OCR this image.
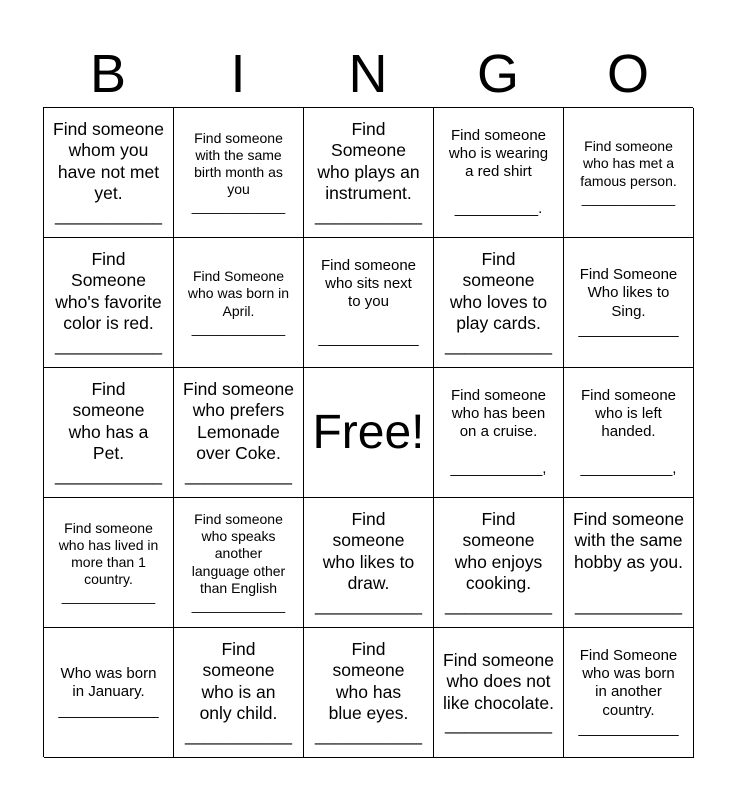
B	I	N	G	O
Find someone
whom you
have not met
yet.
___________
Find someone
with the same
birth month as
you
____________
Find
Someone
who plays an
instrument.
___________
Find someone
who is wearing
a red shirt

__________.
Find someone
who has met a
famous person.
____________
Find
Someone
who's favorite
color is red.
___________
Find Someone
who was born in
April.
____________
Find someone
who sits next
to you

____________
Find
someone
who loves to
play cards.
___________
Find Someone
Who likes to
Sing.
____________
Find
someone
who has a
Pet.
___________
Find someone
who prefers
Lemonade
over Coke.
___________
Free!
Find someone
who has been
on a cruise.

___________,
Find someone
who is left
handed.

___________,
Find someone
who has lived in
more than 1
country.
____________
Find someone
who speaks
another
language other
than English
____________
Find
someone
who likes to
draw.
___________
Find
someone
who enjoys
cooking.
___________
Find someone
with the same
hobby as you.

___________
Who was born
in January.
____________
Find
someone
who is an
only child.
___________
Find
someone
who has
blue eyes.
___________
Find someone
who does not
like chocolate.
___________
Find Someone
who was born
in another
country.
____________
